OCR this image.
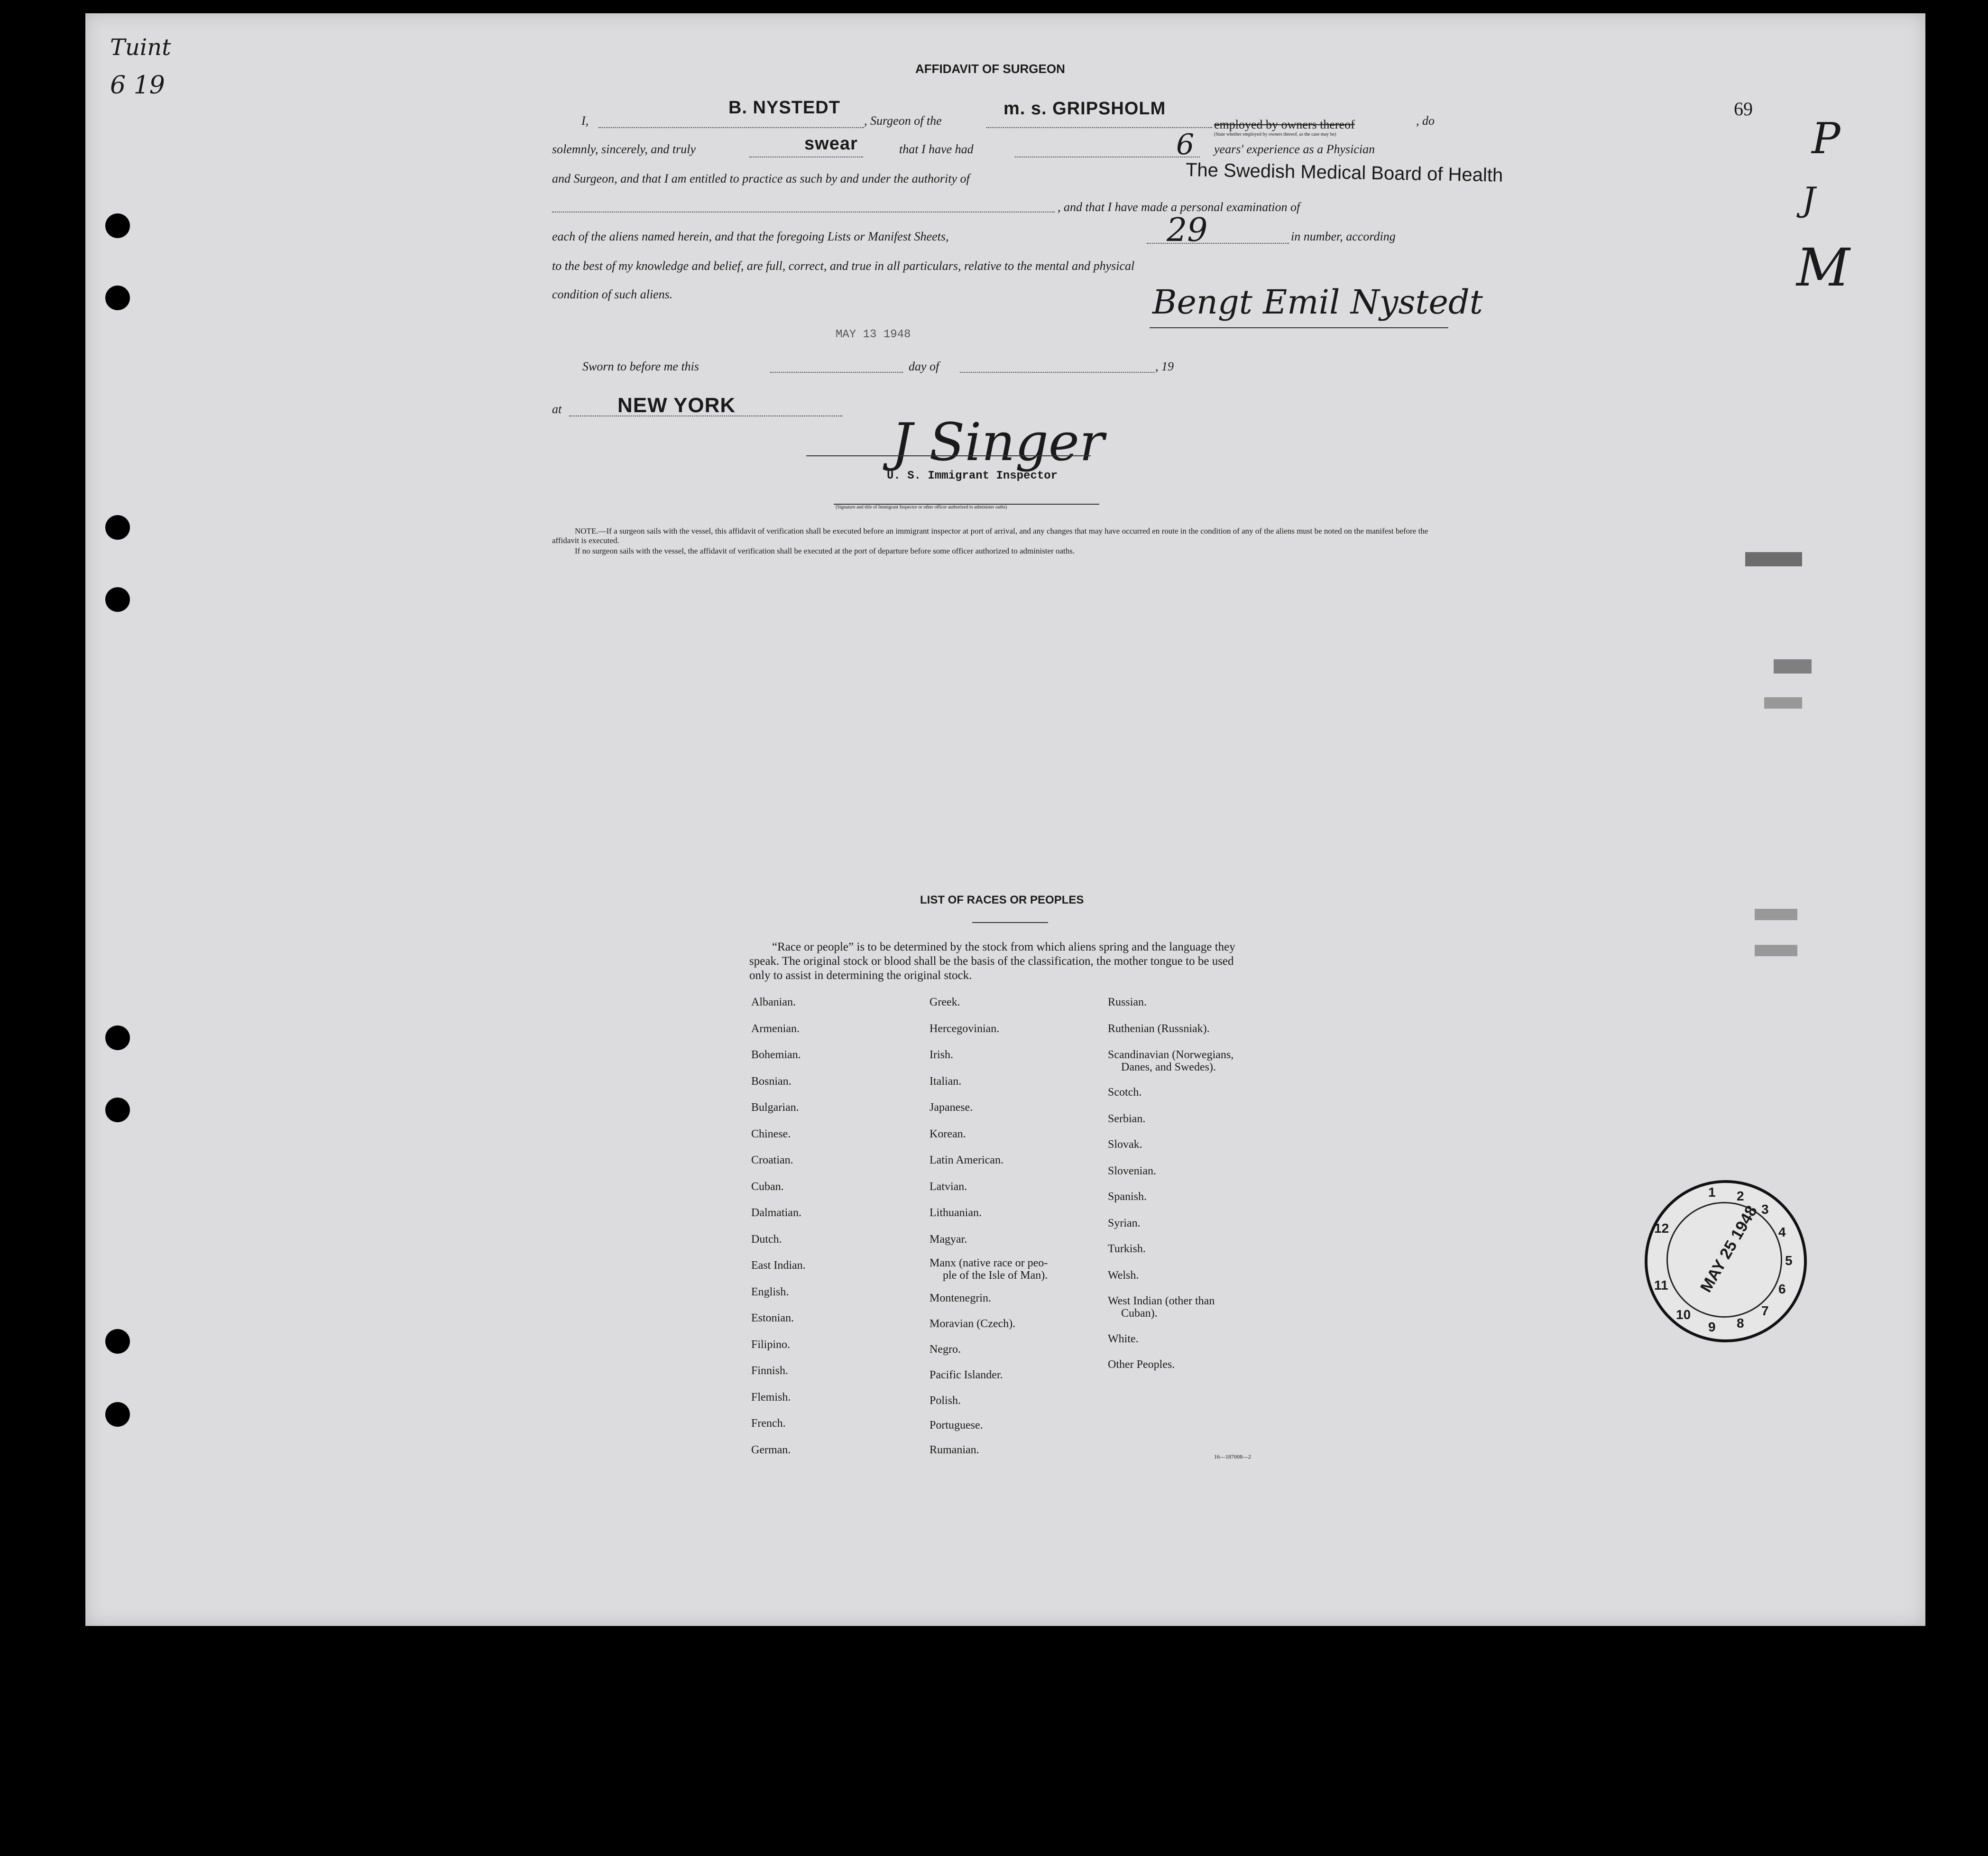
Tuint
6 19
69
P
J
M
AFFIDAVIT OF SURGEON
I,
B. NYSTEDT
, Surgeon of the
m. s. GRIPSHOLM
employed by owners thereof
(State whether employed by owners thereof, as the case may be)
, do
solemnly, sincerely, and truly	swear	that I have had	6 years' experience as a Physician
and Surgeon, and that I am entitled to practice as such by and under the authority of	The Swedish Medical Board of Health
, and that I have made a personal examination of
each of the aliens named herein, and that the foregoing Lists or Manifest Sheets,	29	in number, according
to the best of my knowledge and belief, are full, correct, and true in all particulars, relative to the mental and physical
condition of such aliens.	Bengt Emil Nystedt
MAY 13 1948
Sworn to before me this	day of	, 19
at	NEW YORK
J Singer
U. S. Immigrant Inspector
(Signature and title of Immigrant Inspector or other officer authorized to administer oaths)
NOTE.—If a surgeon sails with the vessel, this affidavit of verification shall be executed before an immigrant inspector at port of arrival, and any changes that may have occurred en route in the condition of any of the aliens must be noted on the manifest before the affidavit is executed.
If no surgeon sails with the vessel, the affidavit of verification shall be executed at the port of departure before some officer authorized to administer oaths.
LIST OF RACES OR PEOPLES
“Race or people” is to be determined by the stock from which aliens spring and the language they speak. The original stock or blood shall be the basis of the classification, the mother tongue to be used only to assist in determining the original stock.
Albanian.
Armenian.
Bohemian.
Bosnian.
Bulgarian.
Chinese.
Croatian.
Cuban.
Dalmatian.
Dutch.
East Indian.
English.
Estonian.
Filipino.
Finnish.
Flemish.
French.
German.
Greek.
Hercegovinian.
Irish.
Italian.
Japanese.
Korean.
Latin American.
Latvian.
Lithuanian.
Magyar.
Manx (native race or peo-
ple of the Isle of Man).
Montenegrin.
Moravian (Czech).
Negro.
Pacific Islander.
Polish.
Portuguese.
Rumanian.
Russian.
Ruthenian (Russniak).
Scandinavian (Norwegians,
Danes, and Swedes).
Scotch.
Serbian.
Slovak.
Slovenian.
Spanish.
Syrian.
Turkish.
Welsh.
West Indian (other than
Cuban).
White.
Other Peoples.
16—187008—2
1 2
3
4
5
6
7
8
9
10
11
12 MAY 25 1948
